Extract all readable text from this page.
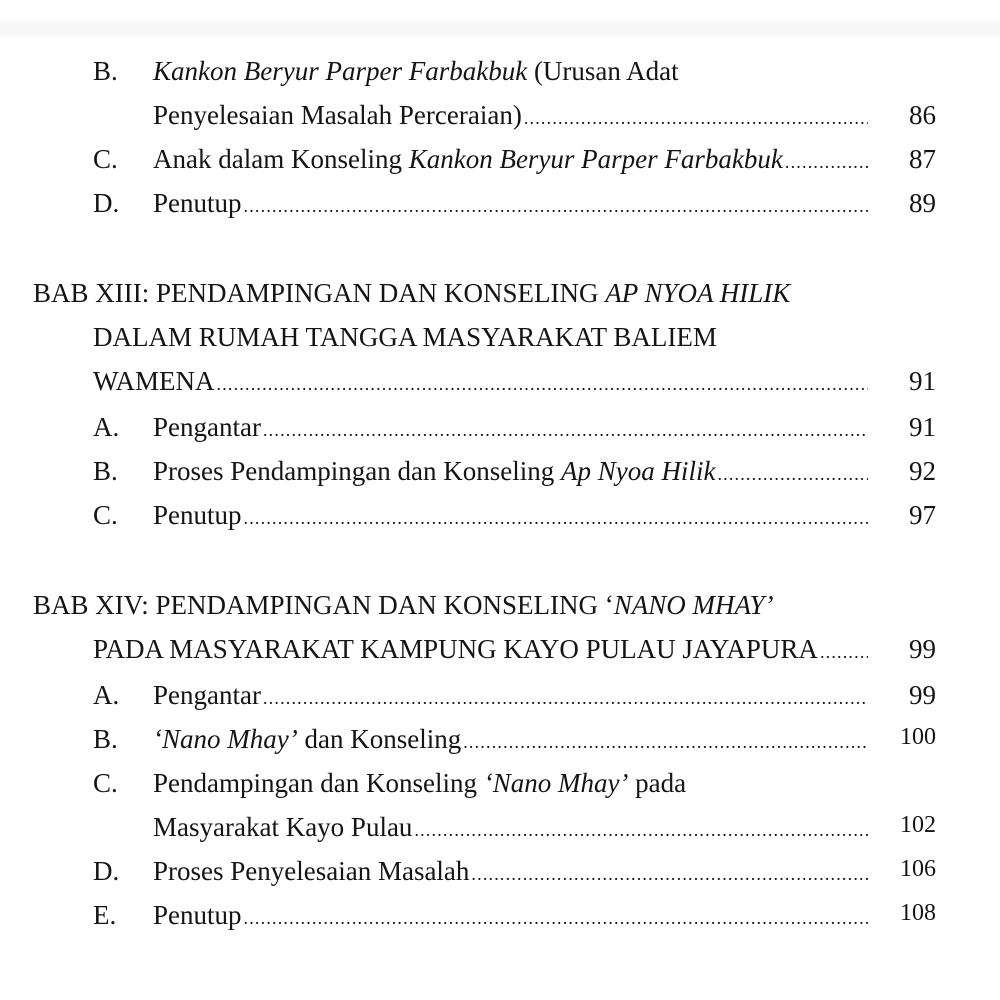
B. Kankon Beryur Parper Farbakbuk (Urusan Adat
Penyelesaian Masalah Perceraian) .....	86
C. Anak dalam Konseling Kankon Beryur Parper Farbakbuk .....	87
D. Penutup .....	89
BAB XIII: PENDAMPINGAN DAN KONSELING AP NYOA HILIK
DALAM RUMAH TANGGA MASYARAKAT BALIEM
WAMENA .....	91
A. Pengantar .....	91
B. Proses Pendampingan dan Konseling Ap Nyoa Hilik .....	92
C. Penutup .....	97
BAB XIV: PENDAMPINGAN DAN KONSELING ‘NANO MHAY’
PADA MASYARAKAT KAMPUNG KAYO PULAU JAYAPURA .....	99
A. Pengantar .....	99
B. ‘Nano Mhay’ dan Konseling .....	100
C. Pendampingan dan Konseling ‘Nano Mhay’ pada
Masyarakat Kayo Pulau .....	102
D. Proses Penyelesaian Masalah .....	106
E. Penutup .....	108
